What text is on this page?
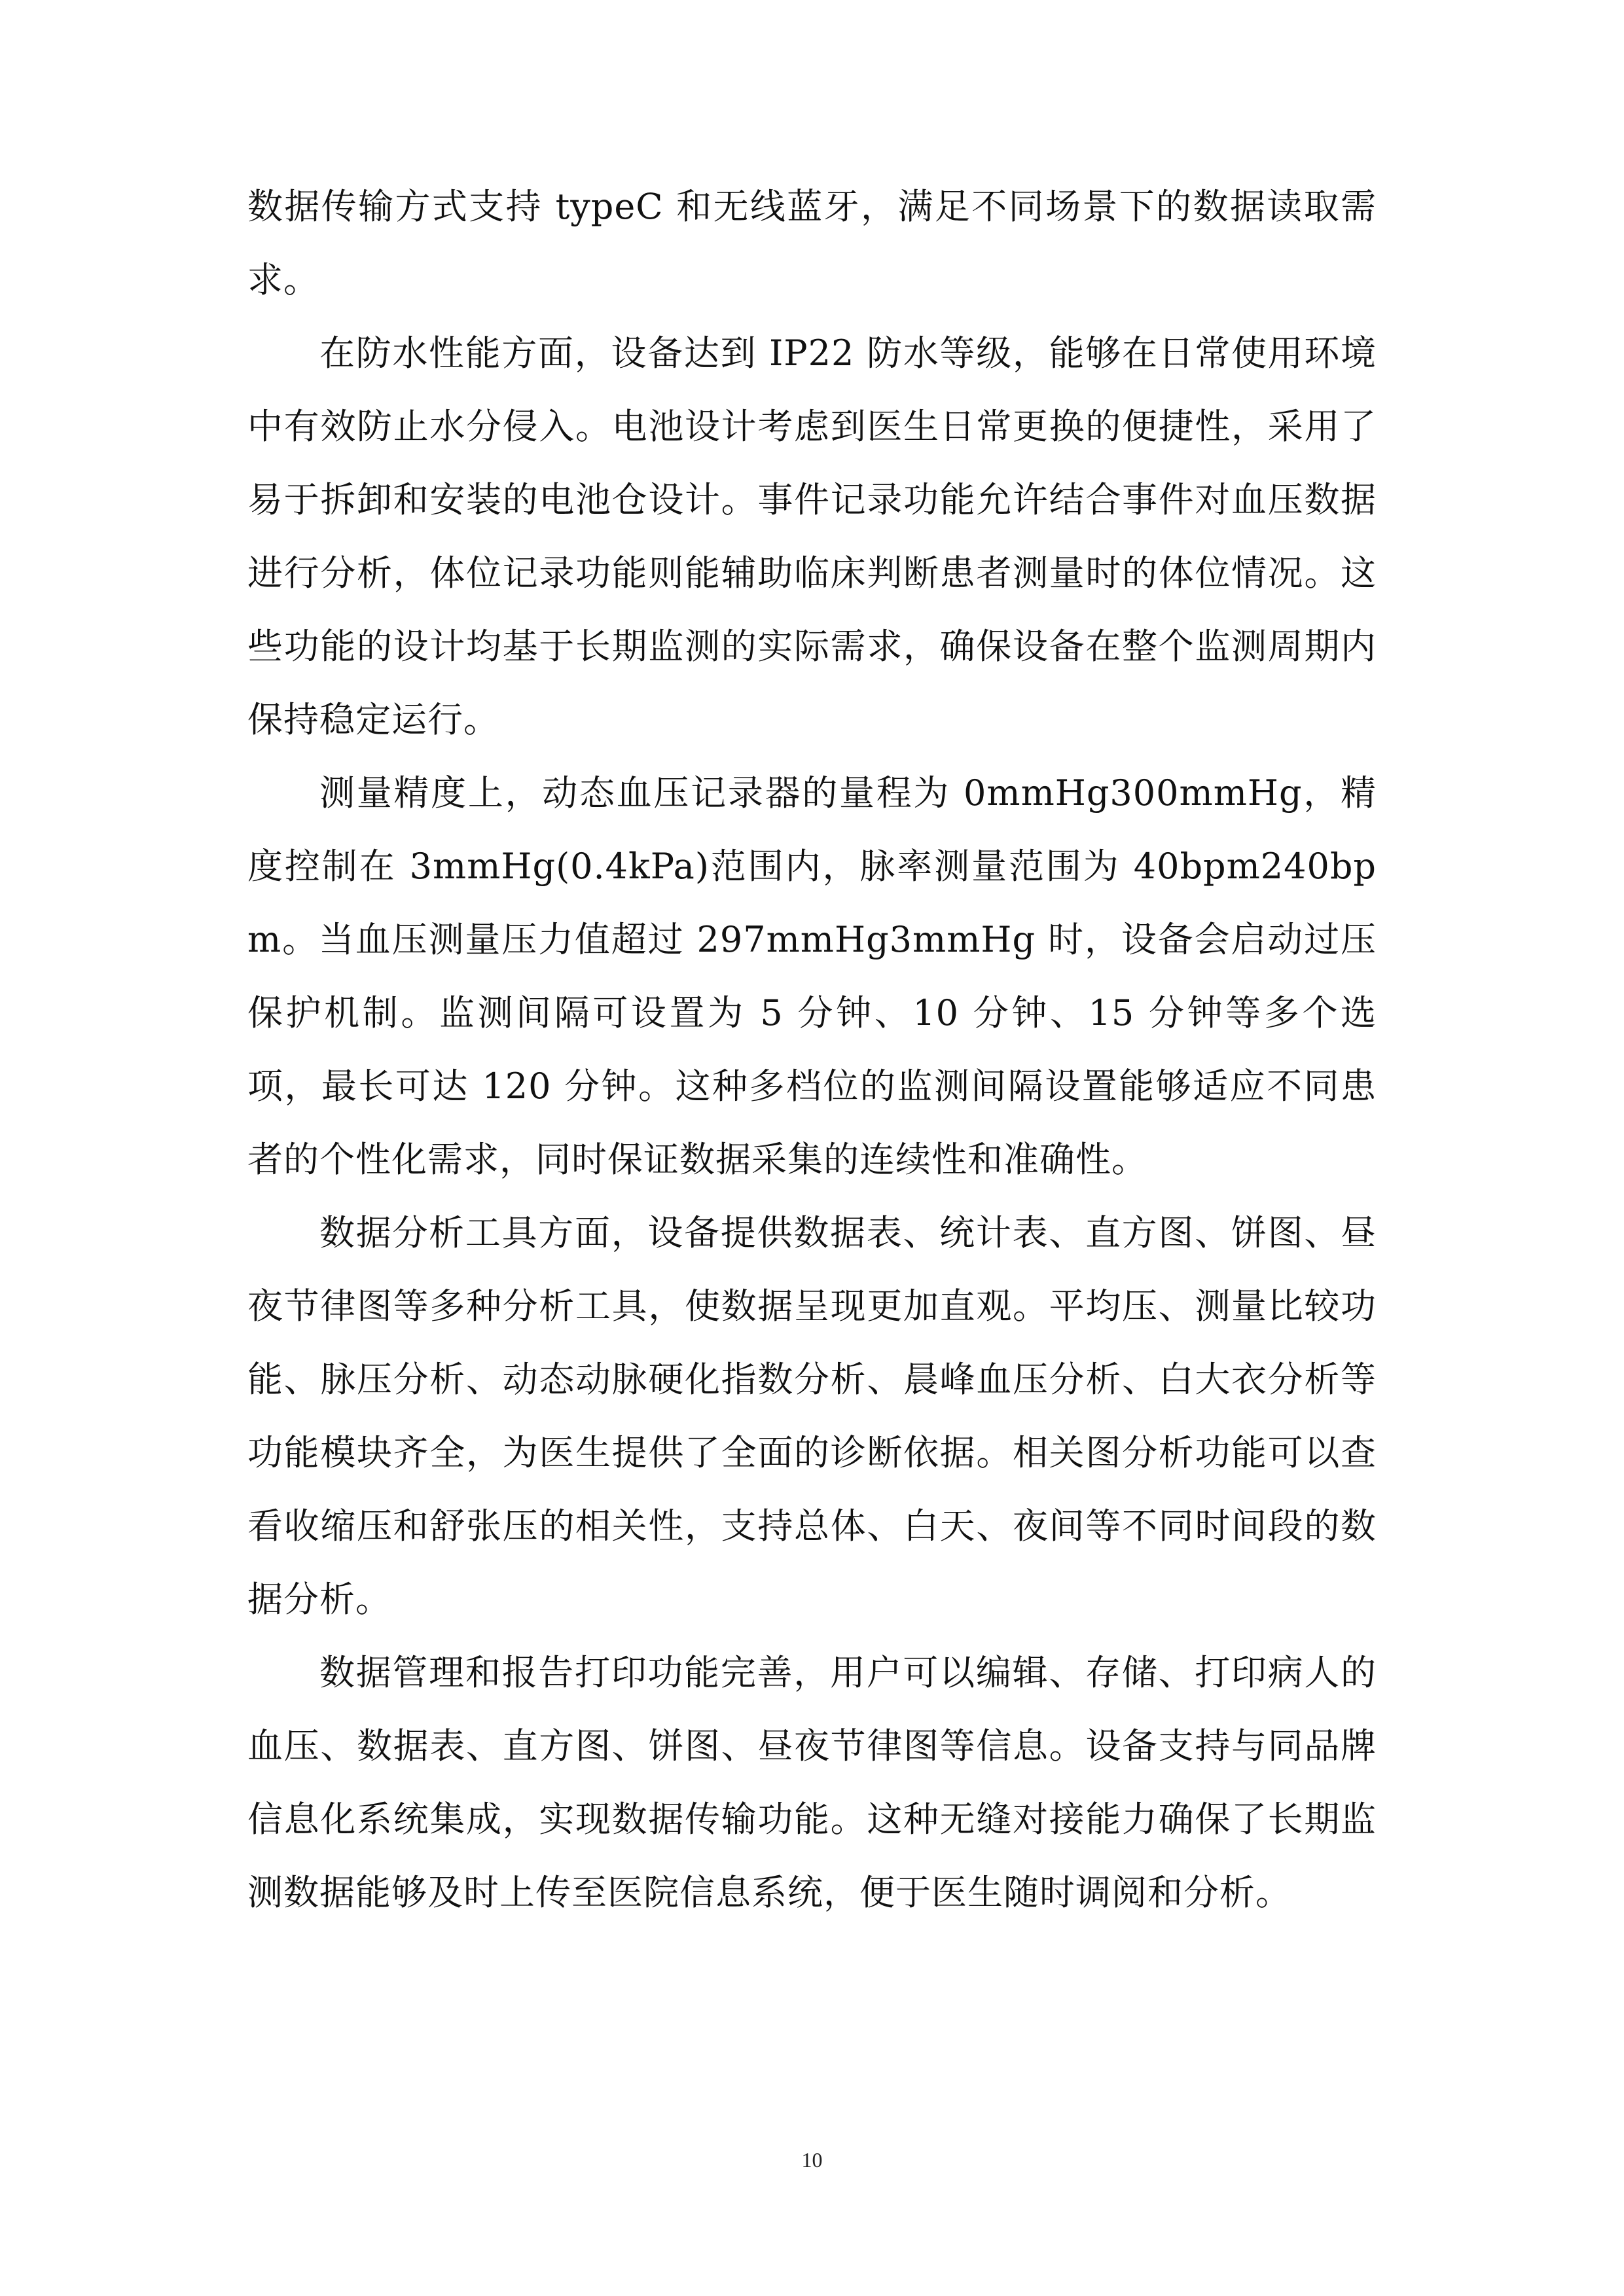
数据传输方式支持 typeC 和无线蓝牙，满足不同场景下的数据读取需求。

在防水性能方面，设备达到 IP22 防水等级，能够在日常使用环境中有效防止水分侵入。电池设计考虑到医生日常更换的便捷性，采用了易于拆卸和安装的电池仓设计。事件记录功能允许结合事件对血压数据进行分析，体位记录功能则能辅助临床判断患者测量时的体位情况。这些功能的设计均基于长期监测的实际需求，确保设备在整个监测周期内保持稳定运行。

测量精度上，动态血压记录器的量程为 0mmHg300mmHg，精度控制在 3mmHg(0.4kPa)范围内，脉率测量范围为 40bpm240bpm。当血压测量压力值超过 297mmHg3mmHg 时，设备会启动过压保护机制。监测间隔可设置为 5 分钟、10 分钟、15 分钟等多个选项，最长可达 120 分钟。这种多档位的监测间隔设置能够适应不同患者的个性化需求，同时保证数据采集的连续性和准确性。

数据分析工具方面，设备提供数据表、统计表、直方图、饼图、昼夜节律图等多种分析工具，使数据呈现更加直观。平均压、测量比较功能、脉压分析、动态动脉硬化指数分析、晨峰血压分析、白大衣分析等功能模块齐全，为医生提供了全面的诊断依据。相关图分析功能可以查看收缩压和舒张压的相关性，支持总体、白天、夜间等不同时间段的数据分析。

数据管理和报告打印功能完善，用户可以编辑、存储、打印病人的血压、数据表、直方图、饼图、昼夜节律图等信息。设备支持与同品牌信息化系统集成，实现数据传输功能。这种无缝对接能力确保了长期监测数据能够及时上传至医院信息系统，便于医生随时调阅和分析。

10
